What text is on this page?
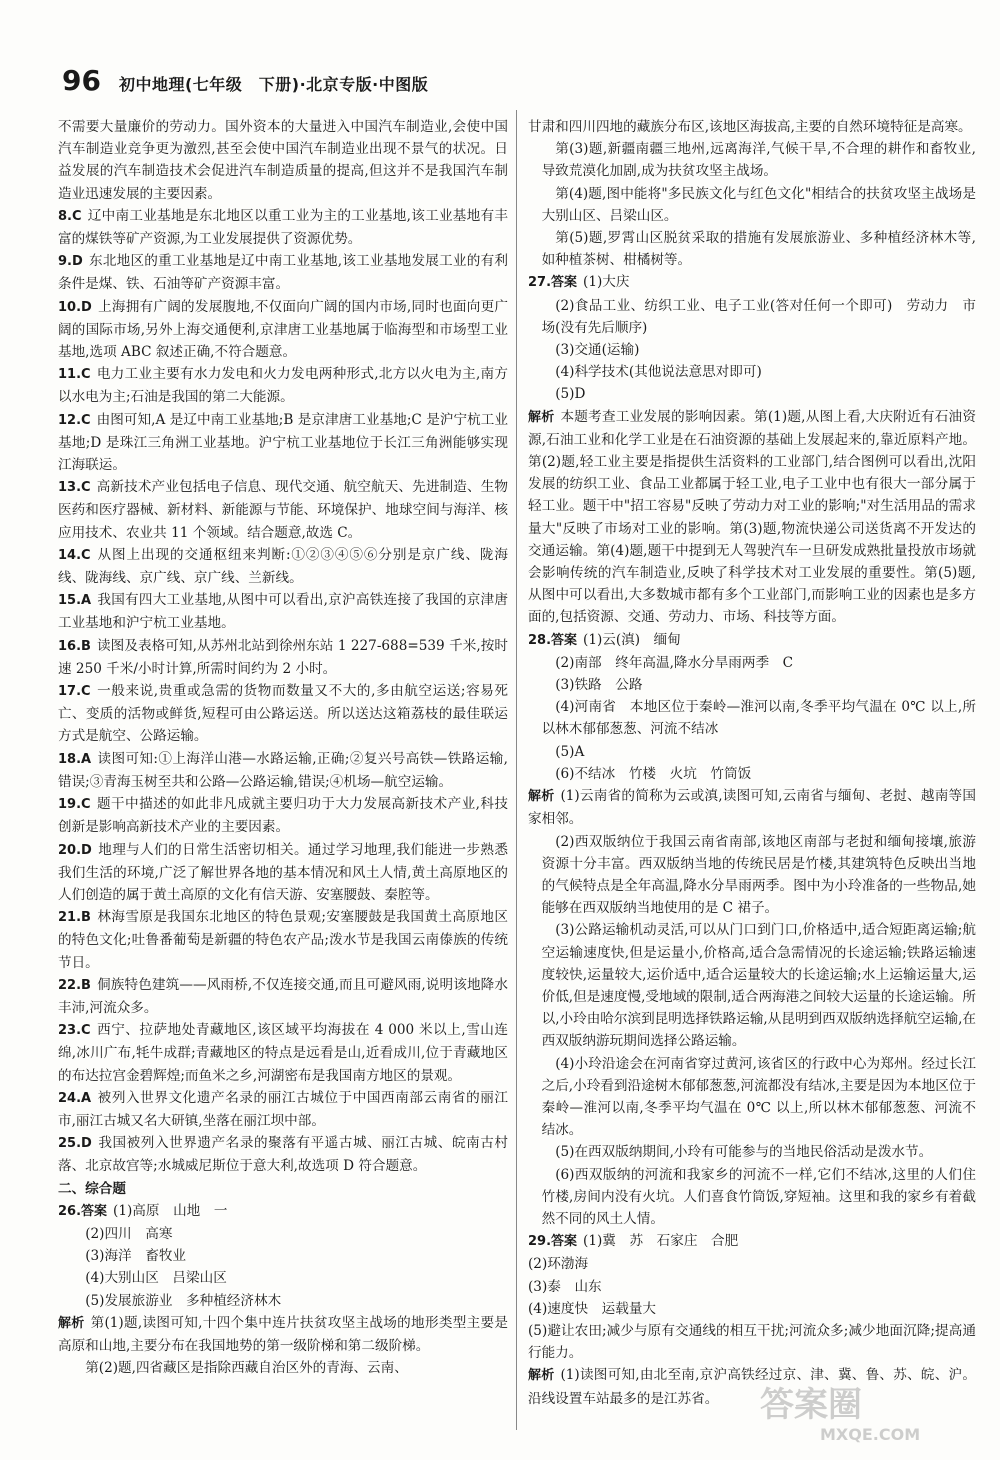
96 初中地理(七年级　下册)·北京专版·中图版

不需要大量廉价的劳动力。国外资本的大量进入中国汽车制造业,会使中国汽车制造业竞争更为激烈,甚至会使中国汽车制造业出现不景气的状况。日益发展的汽车制造技术会促进汽车制造质量的提高,但这并不是我国汽车制造业迅速发展的主要因素。

8.C 辽中南工业基地是东北地区以重工业为主的工业基地,该工业基地有丰富的煤铁等矿产资源,为工业发展提供了资源优势。

9.D 东北地区的重工业基地是辽中南工业基地,该工业基地发展工业的有利条件是煤、铁、石油等矿产资源丰富。

10.D 上海拥有广阔的发展腹地,不仅面向广阔的国内市场,同时也面向更广阔的国际市场,另外上海交通便利,京津唐工业基地属于临海型和市场型工业基地,选项 ABC 叙述正确,不符合题意。

11.C 电力工业主要有水力发电和火力发电两种形式,北方以火电为主,南方以水电为主;石油是我国的第二大能源。

12.C 由图可知,A 是辽中南工业基地;B 是京津唐工业基地;C 是沪宁杭工业基地;D 是珠江三角洲工业基地。沪宁杭工业基地位于长江三角洲能够实现江海联运。

13.C 高新技术产业包括电子信息、现代交通、航空航天、先进制造、生物医药和医疗器械、新材料、新能源与节能、环境保护、地球空间与海洋、核应用技术、农业共 11 个领域。结合题意,故选 C。

14.C 从图上出现的交通枢纽来判断:①②③④⑤⑥分别是京广线、陇海线、陇海线、京广线、京广线、兰新线。

15.A 我国有四大工业基地,从图中可以看出,京沪高铁连接了我国的京津唐工业基地和沪宁杭工业基地。

16.B 读图及表格可知,从苏州北站到徐州东站 1 227-688=539 千米,按时速 250 千米/小时计算,所需时间约为 2 小时。

17.C 一般来说,贵重或急需的货物而数量又不大的,多由航空运送;容易死亡、变质的活物或鲜货,短程可由公路运送。所以送达这箱荔枝的最佳联运方式是航空、公路运输。

18.A 读图可知:①上海洋山港—水路运输,正确;②复兴号高铁—铁路运输,错误;③青海玉树至共和公路—公路运输,错误;④机场—航空运输。

19.C 题干中描述的如此非凡成就主要归功于大力发展高新技术产业,科技创新是影响高新技术产业的主要因素。

20.D 地理与人们的日常生活密切相关。通过学习地理,我们能进一步熟悉我们生活的环境,广泛了解世界各地的基本情况和风土人情,黄土高原地区的人们创造的属于黄土高原的文化有信天游、安塞腰鼓、秦腔等。

21.B 林海雪原是我国东北地区的特色景观;安塞腰鼓是我国黄土高原地区的特色文化;吐鲁番葡萄是新疆的特色农产品;泼水节是我国云南傣族的传统节日。

22.B 侗族特色建筑——风雨桥,不仅连接交通,而且可避风雨,说明该地降水丰沛,河流众多。

23.C 西宁、拉萨地处青藏地区,该区域平均海拔在 4 000 米以上,雪山连绵,冰川广布,牦牛成群;青藏地区的特点是远看是山,近看成川,位于青藏地区的布达拉宫金碧辉煌;而鱼米之乡,河湖密布是我国南方地区的景观。

24.A 被列入世界文化遗产名录的丽江古城位于中国西南部云南省的丽江市,丽江古城又名大研镇,坐落在丽江坝中部。

25.D 我国被列入世界遗产名录的聚落有平遥古城、丽江古城、皖南古村落、北京故宫等;水城威尼斯位于意大利,故选项 D 符合题意。

二、综合题

26.答案 (1)高原　山地　一

(2)四川　高寒

(3)海洋　畜牧业

(4)大别山区　吕梁山区

(5)发展旅游业　多种植经济林木

解析 第(1)题,读图可知,十四个集中连片扶贫攻坚主战场的地形类型主要是高原和山地,主要分布在我国地势的第一级阶梯和第二级阶梯。

第(2)题,四省藏区是指除西藏自治区外的青海、云南、

甘肃和四川四地的藏族分布区,该地区海拔高,主要的自然环境特征是高寒。

第(3)题,新疆南疆三地州,远离海洋,气候干旱,不合理的耕作和畜牧业,导致荒漠化加剧,成为扶贫攻坚主战场。

第(4)题,图中能将"多民族文化与红色文化"相结合的扶贫攻坚主战场是大别山区、吕梁山区。

第(5)题,罗霄山区脱贫采取的措施有发展旅游业、多种植经济林木等,如种植茶树、柑橘树等。

27.答案 (1)大庆

(2)食品工业、纺织工业、电子工业(答对任何一个即可)　劳动力　市场(没有先后顺序)

(3)交通(运输)

(4)科学技术(其他说法意思对即可)

(5)D

解析 本题考查工业发展的影响因素。第(1)题,从图上看,大庆附近有石油资源,石油工业和化学工业是在石油资源的基础上发展起来的,靠近原料产地。第(2)题,轻工业主要是指提供生活资料的工业部门,结合图例可以看出,沈阳发展的纺织工业、食品工业都属于轻工业,电子工业中也有很大一部分属于轻工业。题干中"招工容易"反映了劳动力对工业的影响;"对生活用品的需求量大"反映了市场对工业的影响。第(3)题,物流快递公司送货离不开发达的交通运输。第(4)题,题干中提到无人驾驶汽车一旦研发成熟批量投放市场就会影响传统的汽车制造业,反映了科学技术对工业发展的重要性。第(5)题,从图中可以看出,大多数城市都有多个工业部门,而影响工业的因素也是多方面的,包括资源、交通、劳动力、市场、科技等方面。

28.答案 (1)云(滇)　缅甸

(2)南部　终年高温,降水分旱雨两季　C

(3)铁路　公路

(4)河南省　本地区位于秦岭—淮河以南,冬季平均气温在 0℃ 以上,所以林木郁郁葱葱、河流不结冰

(5)A

(6)不结冰　竹楼　火坑　竹筒饭

解析 (1)云南省的简称为云或滇,读图可知,云南省与缅甸、老挝、越南等国家相邻。

(2)西双版纳位于我国云南省南部,该地区南部与老挝和缅甸接壤,旅游资源十分丰富。西双版纳当地的传统民居是竹楼,其建筑特色反映出当地的气候特点是全年高温,降水分旱雨两季。图中为小玲准备的一些物品,她能够在西双版纳当地使用的是 C 裙子。

(3)公路运输机动灵活,可以从门口到门口,价格适中,适合短距离运输;航空运输速度快,但是运量小,价格高,适合急需情况的长途运输;铁路运输速度较快,运量较大,运价适中,适合运量较大的长途运输;水上运输运量大,运价低,但是速度慢,受地域的限制,适合两海港之间较大运量的长途运输。所以,小玲由哈尔滨到昆明选择铁路运输,从昆明到西双版纳选择航空运输,在西双版纳游玩期间选择公路运输。

(4)小玲沿途会在河南省穿过黄河,该省区的行政中心为郑州。经过长江之后,小玲看到沿途树木郁郁葱葱,河流都没有结冰,主要是因为本地区位于秦岭—淮河以南,冬季平均气温在 0℃ 以上,所以林木郁郁葱葱、河流不结冰。

(5)在西双版纳期间,小玲有可能参与的当地民俗活动是泼水节。

(6)西双版纳的河流和我家乡的河流不一样,它们不结冰,这里的人们住竹楼,房间内没有火坑。人们喜食竹筒饭,穿短袖。这里和我的家乡有着截然不同的风土人情。

29.答案 (1)冀　苏　石家庄　合肥

(2)环渤海

(3)泰　山东

(4)速度快　运载量大

(5)避让农田;减少与原有交通线的相互干扰;河流众多;减少地面沉降;提高通行能力。

解析 (1)读图可知,由北至南,京沪高铁经过京、津、冀、鲁、苏、皖、沪。沿线设置车站最多的是江苏省。	答案圈
MXQE.COM
